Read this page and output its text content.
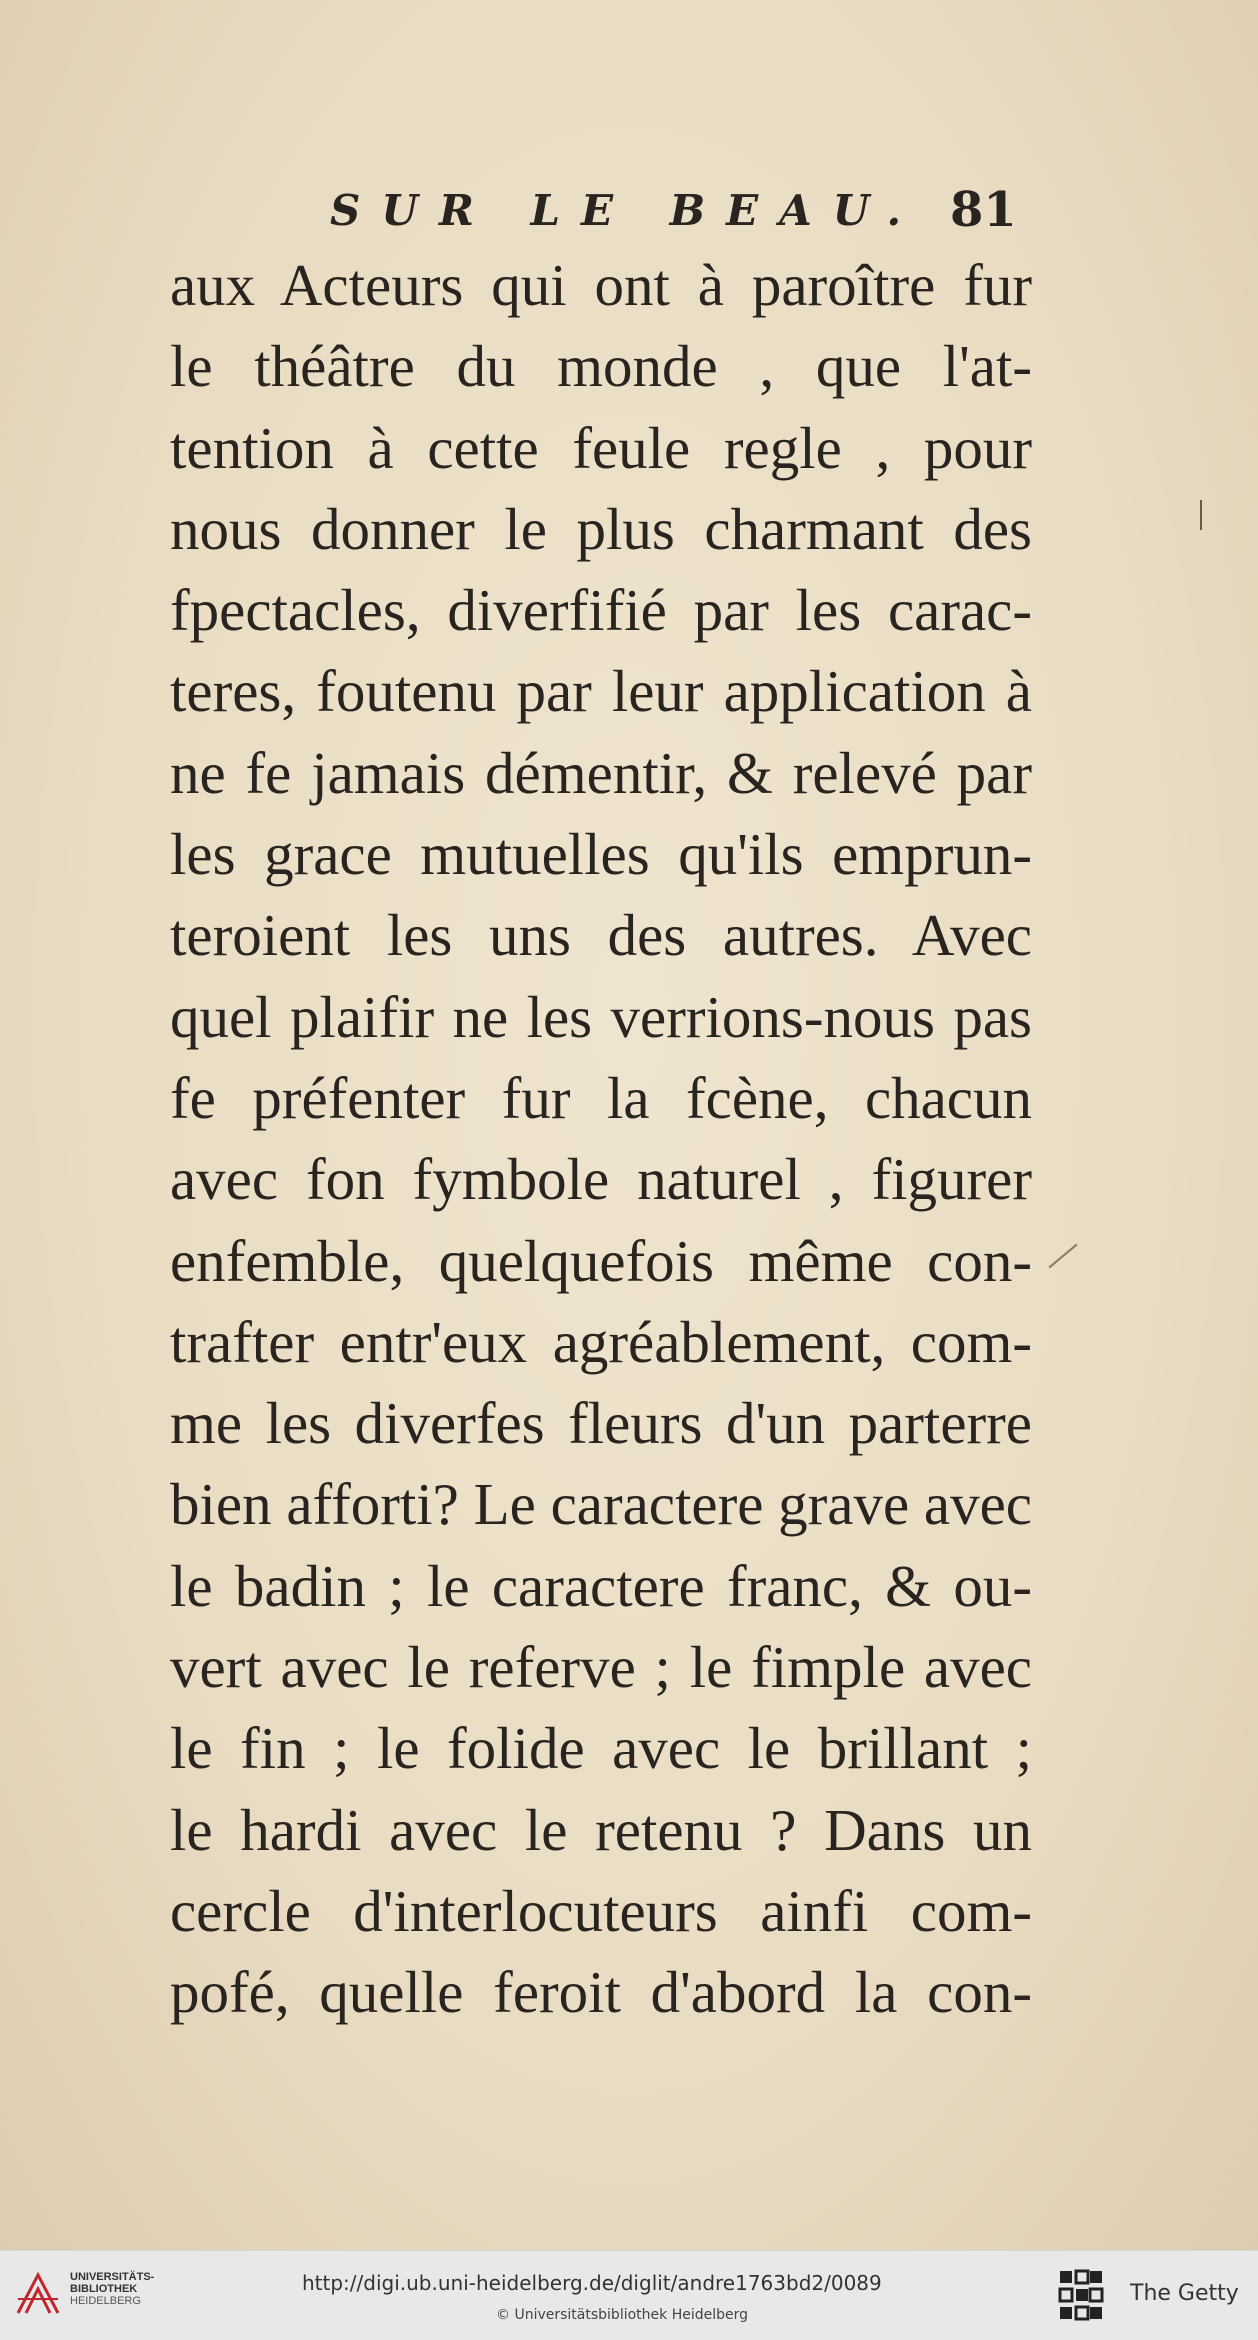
SUR LE BEAU. 81
aux Acteurs qui ont à paroître fur
le théâtre du monde , que l'at-
tention à cette feule regle , pour
nous donner le plus charmant des
fpectacles, diverfifié par les carac-
teres, foutenu par leur application à
ne fe jamais démentir, & relevé par
les grace mutuelles qu'ils emprun-
teroient les uns des autres. Avec
quel plaifir ne les verrions-nous pas
fe préfenter fur la fcène, chacun
avec fon fymbole naturel , figurer
enfemble, quelquefois même con-
trafter entr'eux agréablement, com-
me les diverfes fleurs d'un parterre
bien afforti? Le caractere grave avec
le badin ; le caractere franc, & ou-
vert avec le referve ; le fimple avec
le fin ; le folide avec le brillant ;
le hardi avec le retenu ? Dans un
cercle d'interlocuteurs ainfi com-
pofé, quelle feroit d'abord la con-
UNIVERSITÄTS-
BIBLIOTHEK
HEIDELBERG
http://digi.ub.uni-heidelberg.de/diglit/andre1763bd2/0089
© Universitätsbibliothek Heidelberg
The Getty
